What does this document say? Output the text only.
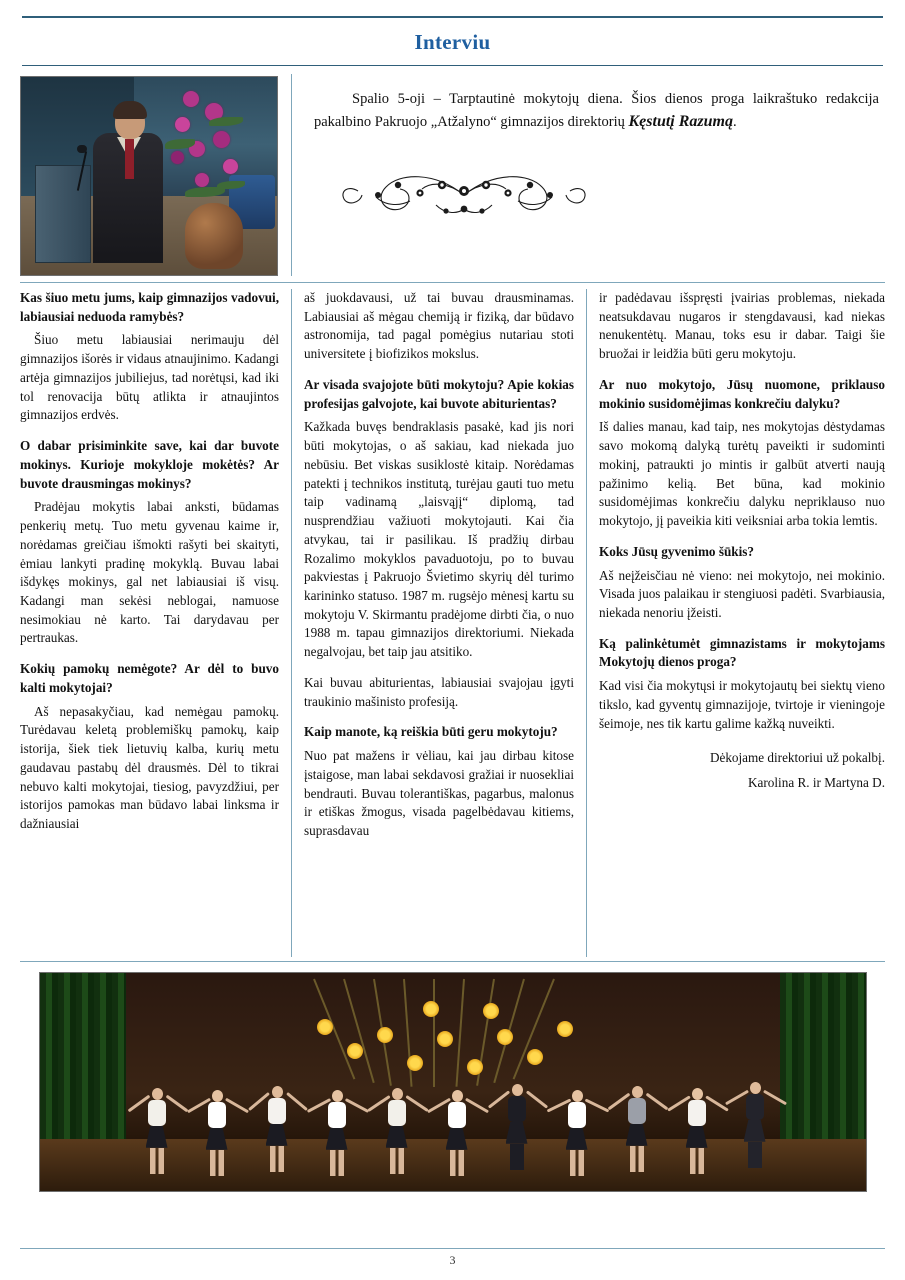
Interviu

Spalio 5-oji – Tarptautinė mokytojų diena. Šios dienos proga laikraštuko redakcija pakalbino Pakruojo „Atžalyno“ gimnazijos direktorių Kęstutį Razumą.

Kas šiuo metu jums, kaip gimnazijos vadovui, labiausiai neduoda ramybės?

Šiuo metu labiausiai nerimauju dėl gimnazijos išorės ir vidaus atnaujinimo. Kadangi artėja gimnazijos jubiliejus, tad norėtųsi, kad iki tol renovacija būtų atlikta ir atnaujintos gimnazijos erdvės.

O dabar prisiminkite save, kai dar buvote mokinys. Kurioje mokykloje mokėtės? Ar buvote drausmingas mokinys?

Pradėjau mokytis labai anksti, būdamas penkerių metų. Tuo metu gyvenau kaime ir, norėdamas greičiau išmokti rašyti bei skaityti, ėmiau lankyti pradinę mokyklą. Buvau labai išdykęs mokinys, gal net labiausiai iš visų. Kadangi man sekėsi neblogai, namuose nesimokiau nė karto. Tai darydavau per pertraukas.

Kokių pamokų nemėgote? Ar dėl to buvo kalti mokytojai?

Aš nepasakyčiau, kad nemėgau pamokų. Turėdavau keletą problemiškų pamokų, kaip istorija, šiek tiek lietuvių kalba, kurių metu gaudavau pastabų dėl drausmės. Dėl to tikrai nebuvo kalti mokytojai, tiesiog, pavyzdžiui, per istorijos pamokas man būdavo labai linksma ir dažniausiai

aš juokdavausi, už tai buvau drausminamas. Labiausiai aš mėgau chemiją ir fiziką, dar būdavo astronomija, tad pagal pomėgius nutariau stoti universitete į biofizikos mokslus.

Ar visada svajojote būti mokytoju? Apie kokias profesijas galvojote, kai buvote abiturientas?

Kažkada buvęs bendraklasis pasakė, kad jis nori būti mokytojas, o aš sakiau, kad niekada juo nebūsiu. Bet viskas susiklostė kitaip. Norėdamas patekti į technikos institutą, turėjau gauti tuo metu taip vadinamą „laisvąjį“ diplomą, tad nusprendžiau važiuoti mokytojauti. Kai čia atvykau, tai ir pasilikau. Iš pradžių dirbau Rozalimo mokyklos pavaduotoju, po to buvau pakviestas į Pakruojo Švietimo skyrių dėl turimo karininko statuso. 1987 m. rugsėjo mėnesį kartu su mokytoju V. Skirmantu pradėjome dirbti čia, o nuo 1988 m. tapau gimnazijos direktoriumi. Niekada negalvojau, bet taip jau atsitiko.

Kai buvau abiturientas, labiausiai svajojau įgyti traukinio mašinisto profesiją.

Kaip manote, ką reiškia būti geru mokytoju?

Nuo pat mažens ir vėliau, kai jau dirbau kitose įstaigose, man labai sekdavosi gražiai ir nuosekliai bendrauti. Buvau tolerantiškas, pagarbus, malonus ir etiškas žmogus, visada pagelbėdavau kitiems, suprasdavau

ir padėdavau išspręsti įvairias problemas, niekada neatsukdavau nugaros ir stengdavausi, kad niekas nenukentėtų. Manau, toks esu ir dabar. Taigi šie bruožai ir leidžia būti geru mokytoju.

Ar nuo mokytojo, Jūsų nuomone, priklauso mokinio susidomėjimas konkrečiu dalyku?

Iš dalies manau, kad taip, nes mokytojas dėstydamas savo mokomą dalyką turėtų pavеikti ir sudominti mokinį, patraukti jo mintis ir galbūt atverti naują pažinimo kelią. Bet būna, kad mokinio susidomėjimas konkrečiu dalyku nepriklauso nuo mokytojo, jį paveikia kiti veiksniai arba tokia lemtis.

Koks Jūsų gyvenimo šūkis?

Aš neįžeisčiau nė vieno: nei mokytojo, nei mokinio. Visada juos palaikau ir stengiuosi padėti. Svarbiausia, niekada nenoriu įžeisti.

Ką palinkėtumėt gimnazistams ir mokytojams Mokytojų dienos proga?

Kad visi čia mokytųsi ir mokytojautų bei siektų vieno tikslo, kad gyventų gimnazijoje, tvirtoje ir vieningoje šeimoje, nes tik kartu galime kažką nuveikti.

Dėkojame direktoriui už pokalbį.
Karolina R. ir Martyna D.
3
